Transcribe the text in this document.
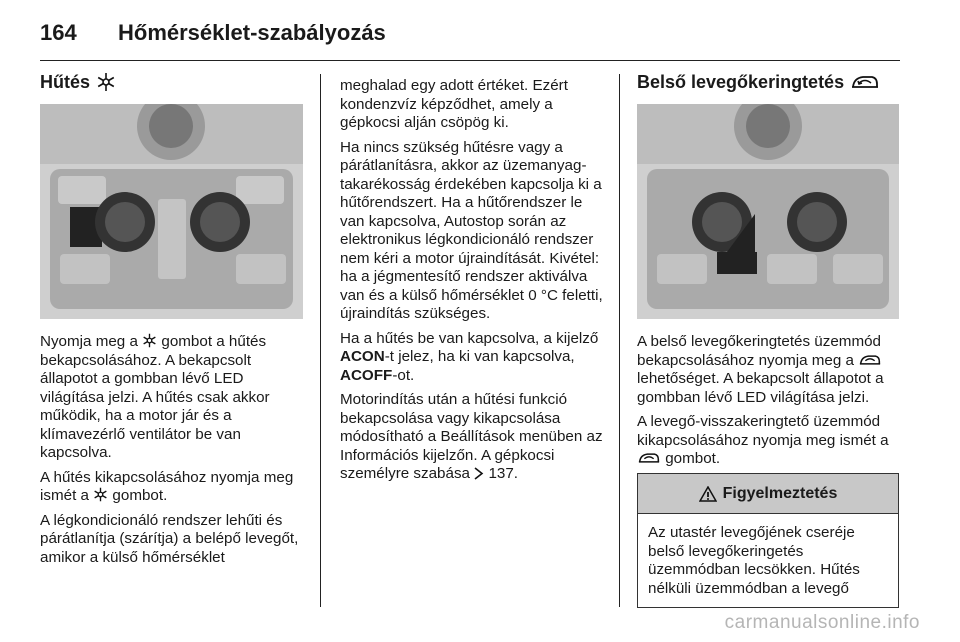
164	Hőmérséklet-szabályozás
Hűtés

Nyomja meg a gombot a hűtés bekapcsolásához. A bekapcsolt állapotot a gombban lévő LED világítása jelzi. A hűtés csak akkor működik, ha a motor jár és a klímavezérlő ventilátor be van kapcsolva.

A hűtés kikapcsolásához nyomja meg ismét a gombot.

A légkondicionáló rendszer lehűti és párátlanítja (szárítja) a belépő levegőt, amikor a külső hőmérséklet

meghalad egy adott értéket. Ezért kondenzvíz képződhet, amely a gépkocsi alján csöpög ki.

Ha nincs szükség hűtésre vagy a párátlanításra, akkor az üzemanyag-takarékosság érdekében kapcsolja ki a hűtőrendszert. Ha a hűtőrendszer le van kapcsolva, Autostop során az elektronikus légkondicionáló rendszer nem kéri a motor újraindítását. Kivétel: ha a jégmentesítő rendszer aktiválva van és a külső hőmérséklet 0 °C feletti, újraindítás szükséges.

Ha a hűtés be van kapcsolva, a kijelző ACON-t jelez, ha ki van kapcsolva, ACOFF-ot.

Motorindítás után a hűtési funkció bekapcsolása vagy kikapcsolása módosítható a Beállítások menüben az Információs kijelzőn. A gépkocsi személyre szabása 137.

Belső levegőkeringtetés

A belső levegőkeringtetés üzemmód bekapcsolásához nyomja meg a  lehetőséget. A bekapcsolt állapotot a gombban lévő LED világítása jelzi.

A levegő-visszakeringtető üzemmód kikapcsolásához nyomja meg ismét a  gombot.

Figyelmeztetés
Az utastér levegőjének cseréje belső levegőkeringetés üzemmódban lecsökken. Hűtés nélküli üzemmódban a levegő
carmanualsonline.info
